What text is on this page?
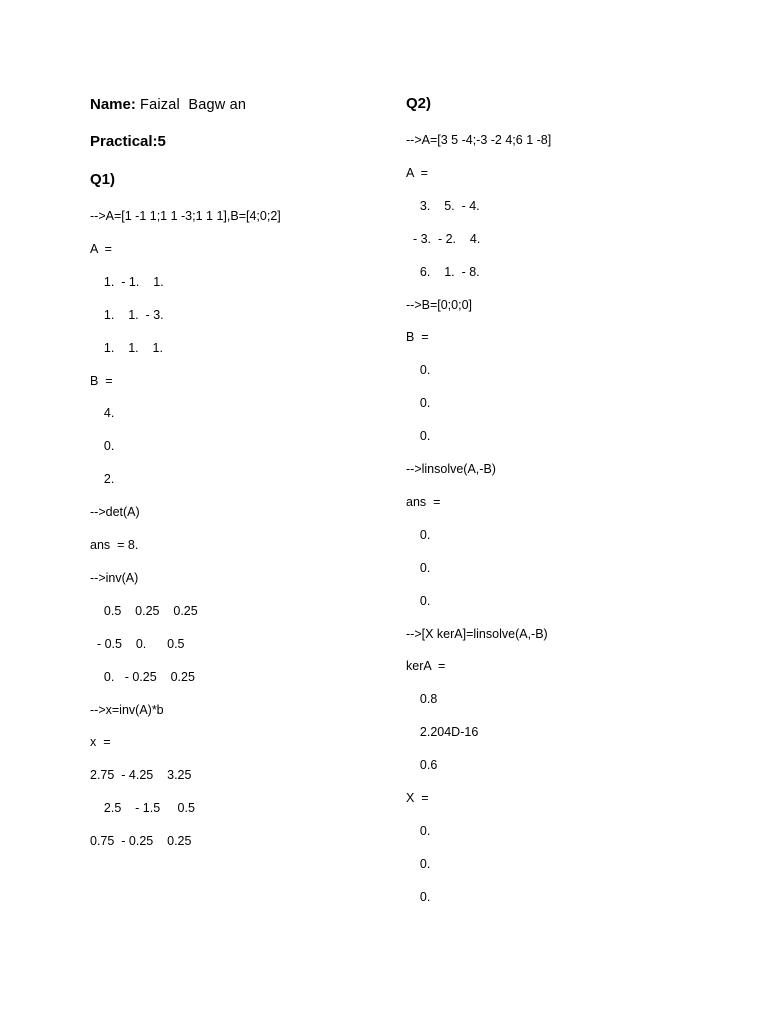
Name: Faizal  Bagw an
Practical:5
Q1)
-->A=[1 -1 1;1 1 -3;1 1 1],B=[4;0;2]
A  =
1.  - 1.    1.
1.    1.  - 3.
1.    1.    1.
B  =
4.
0.
2.
-->det(A)
ans  = 8.
-->inv(A)
0.5    0.25    0.25
- 0.5    0.      0.5
0.   - 0.25    0.25
-->x=inv(A)*b
x  =
2.75  - 4.25    3.25
2.5    - 1.5     0.5
0.75  - 0.25    0.25
Q2)
-->A=[3 5 -4;-3 -2 4;6 1 -8]
A  =
3.    5.  - 4.
- 3.  - 2.    4.
6.    1.  - 8.
-->B=[0;0;0]
B  =
0.
0.
0.
-->linsolve(A,-B)
ans  =
0.
0.
0.
-->[X kerA]=linsolve(A,-B)
kerA  =
0.8
2.204D-16
0.6
X  =
0.
0.
0.
